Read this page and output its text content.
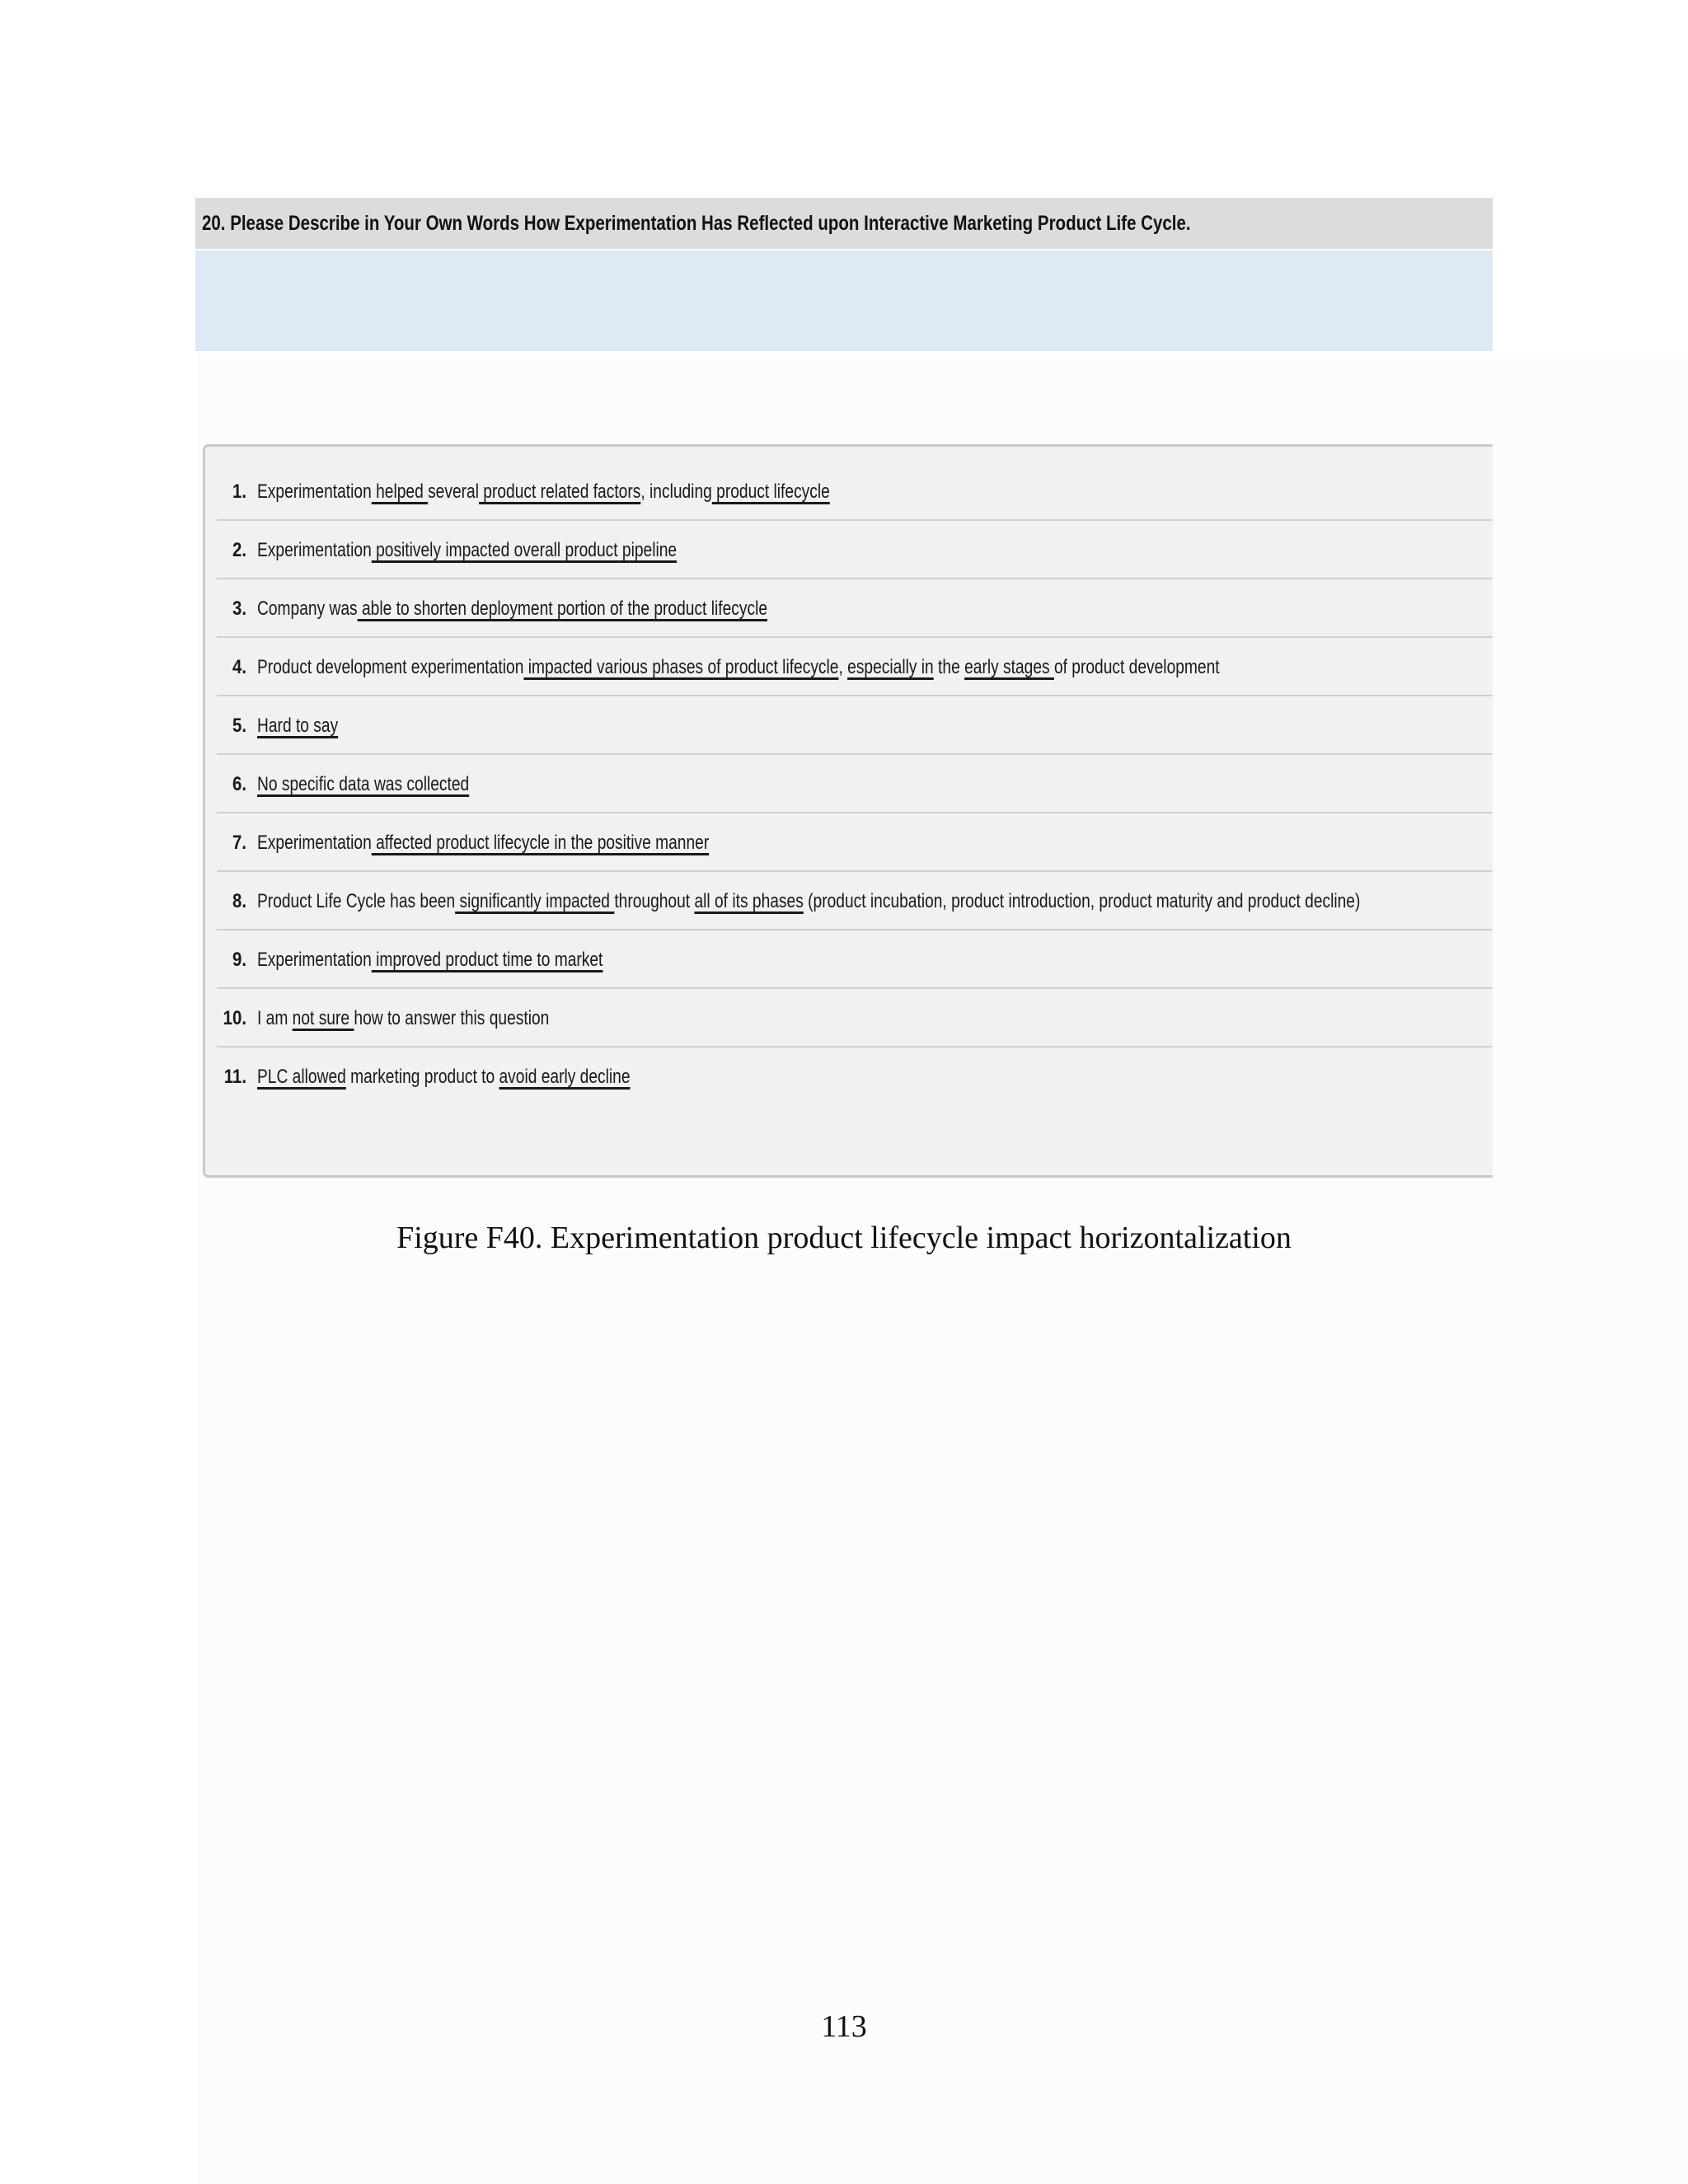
20. Please Describe in Your Own Words How Experimentation Has Reflected upon Interactive Marketing Product Life Cycle.
1. Experimentation helped several product related factors, including product lifecycle
2. Experimentation positively impacted overall product pipeline
3. Company was able to shorten deployment portion of the product lifecycle
4. Product development experimentation impacted various phases of product lifecycle, especially in the early stages of product development
5. Hard to say
6. No specific data was collected
7. Experimentation affected product lifecycle in the positive manner
8. Product Life Cycle has been significantly impacted throughout all of its phases (product incubation, product introduction, product maturity and product decline)
9. Experimentation improved product time to market
10. I am not sure how to answer this question
11. PLC allowed marketing product to avoid early decline
Figure F40. Experimentation product lifecycle impact horizontalization
113
